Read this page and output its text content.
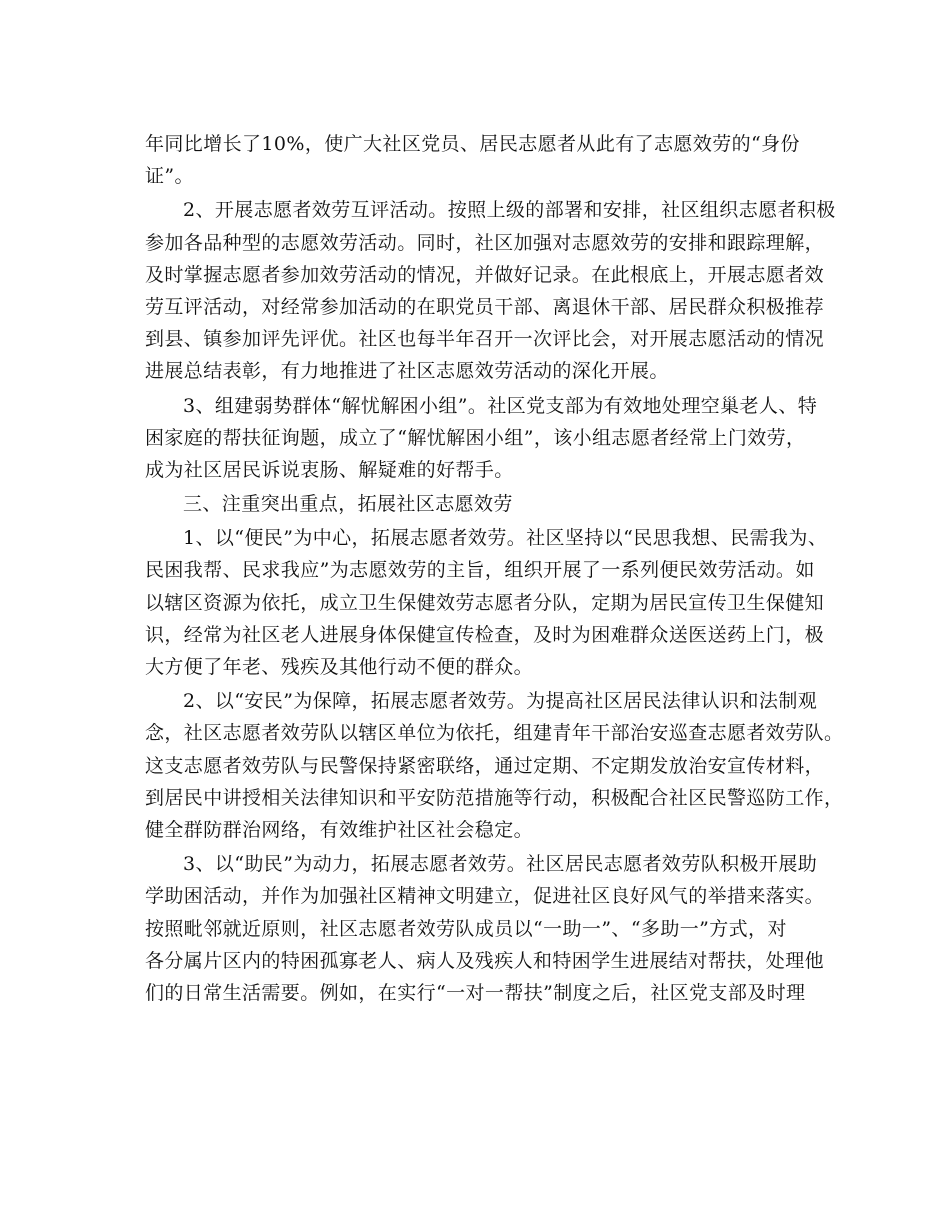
年同比增长了10%，使广大社区党员、居民志愿者从此有了志愿效劳的“身份
证”。
2、开展志愿者效劳互评活动。按照上级的部署和安排，社区组织志愿者积极
参加各品种型的志愿效劳活动。同时，社区加强对志愿效劳的安排和跟踪理解，
及时掌握志愿者参加效劳活动的情况，并做好记录。在此根底上，开展志愿者效
劳互评活动，对经常参加活动的在职党员干部、离退休干部、居民群众积极推荐
到县、镇参加评先评优。社区也每半年召开一次评比会，对开展志愿活动的情况
进展总结表彰，有力地推进了社区志愿效劳活动的深化开展。
3、组建弱势群体“解忧解困小组”。社区党支部为有效地处理空巢老人、特
困家庭的帮扶征询题，成立了“解忧解困小组”，该小组志愿者经常上门效劳，
成为社区居民诉说衷肠、解疑难的好帮手。
三、注重突出重点，拓展社区志愿效劳
1、以“便民”为中心，拓展志愿者效劳。社区坚持以“民思我想、民需我为、
民困我帮、民求我应”为志愿效劳的主旨，组织开展了一系列便民效劳活动。如
以辖区资源为依托，成立卫生保健效劳志愿者分队，定期为居民宣传卫生保健知
识，经常为社区老人进展身体保健宣传检查，及时为困难群众送医送药上门，极
大方便了年老、残疾及其他行动不便的群众。
2、以“安民”为保障，拓展志愿者效劳。为提高社区居民法律认识和法制观
念，社区志愿者效劳队以辖区单位为依托，组建青年干部治安巡查志愿者效劳队。
这支志愿者效劳队与民警保持紧密联络，通过定期、不定期发放治安宣传材料，
到居民中讲授相关法律知识和平安防范措施等行动，积极配合社区民警巡防工作，
健全群防群治网络，有效维护社区社会稳定。
3、以“助民”为动力，拓展志愿者效劳。社区居民志愿者效劳队积极开展助
学助困活动，并作为加强社区精神文明建立，促进社区良好风气的举措来落实。
按照毗邻就近原则，社区志愿者效劳队成员以“一助一”、“多助一”方式，对
各分属片区内的特困孤寡老人、病人及残疾人和特困学生进展结对帮扶，处理他
们的日常生活需要。例如，在实行“一对一帮扶”制度之后，社区党支部及时理
